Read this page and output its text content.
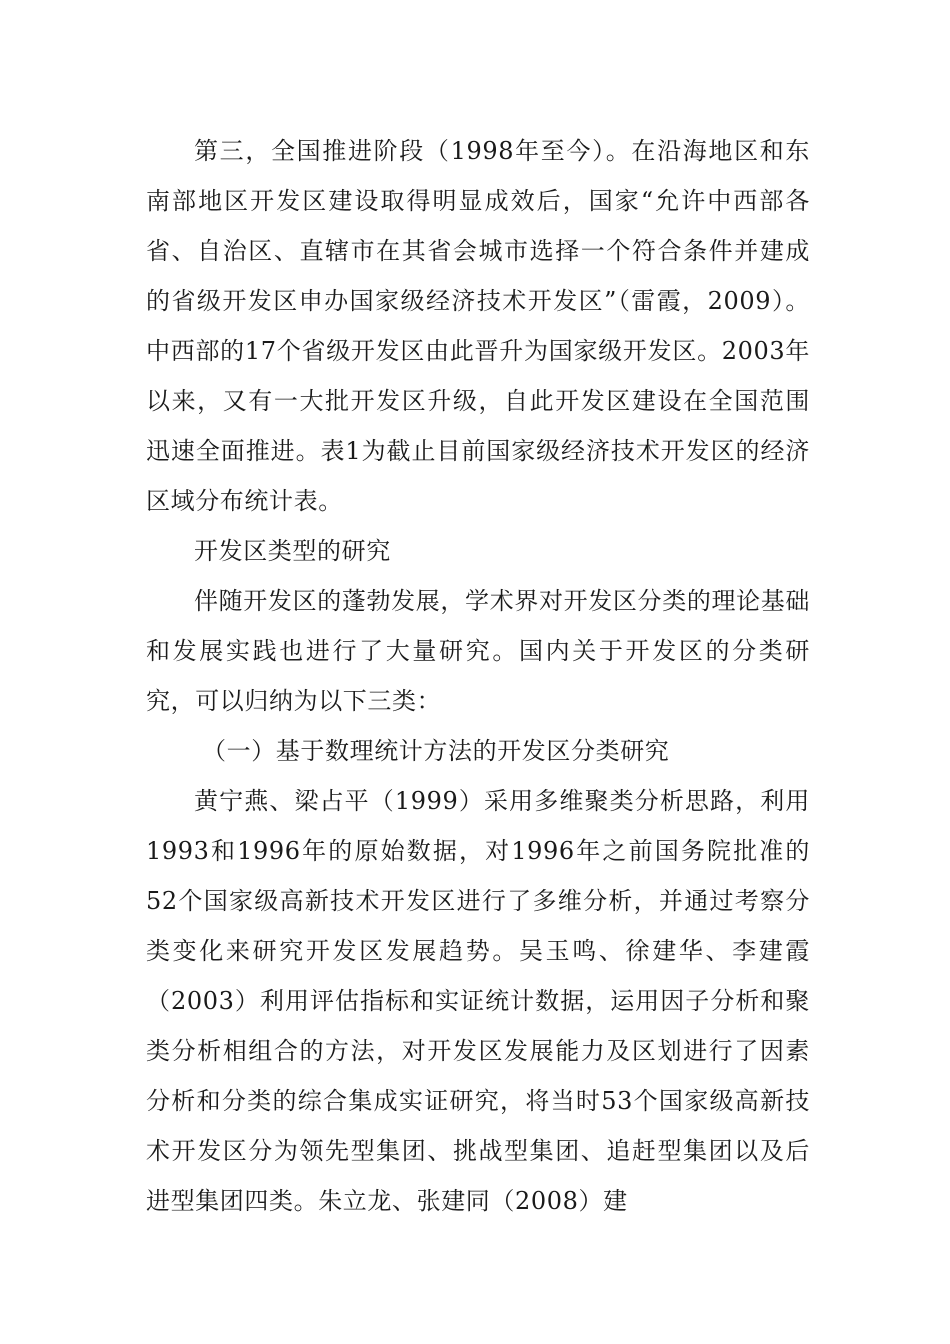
第三，全国推进阶段（1998年至今）。在沿海地区和东南部地区开发区建设取得明显成效后，国家“允许中西部各省、自治区、直辖市在其省会城市选择一个符合条件并建成的省级开发区申办国家级经济技术开发区”（雷霞，2009）。中西部的17个省级开发区由此晋升为国家级开发区。2003年以来，又有一大批开发区升级，自此开发区建设在全国范围迅速全面推进。表1为截止目前国家级经济技术开发区的经济区域分布统计表。

开发区类型的研究

伴随开发区的蓬勃发展，学术界对开发区分类的理论基础和发展实践也进行了大量研究。国内关于开发区的分类研究，可以归纳为以下三类：

（一）基于数理统计方法的开发区分类研究

黄宁燕、梁占平（1999）采用多维聚类分析思路，利用1993和1996年的原始数据，对1996年之前国务院批准的52个国家级高新技术开发区进行了多维分析，并通过考察分类变化来研究开发区发展趋势。吴玉鸣、徐建华、李建霞（2003）利用评估指标和实证统计数据，运用因子分析和聚类分析相组合的方法，对开发区发展能力及区划进行了因素分析和分类的综合集成实证研究，将当时53个国家级高新技术开发区分为领先型集团、挑战型集团、追赶型集团以及后进型集团四类。朱立龙、张建同（2008）建
